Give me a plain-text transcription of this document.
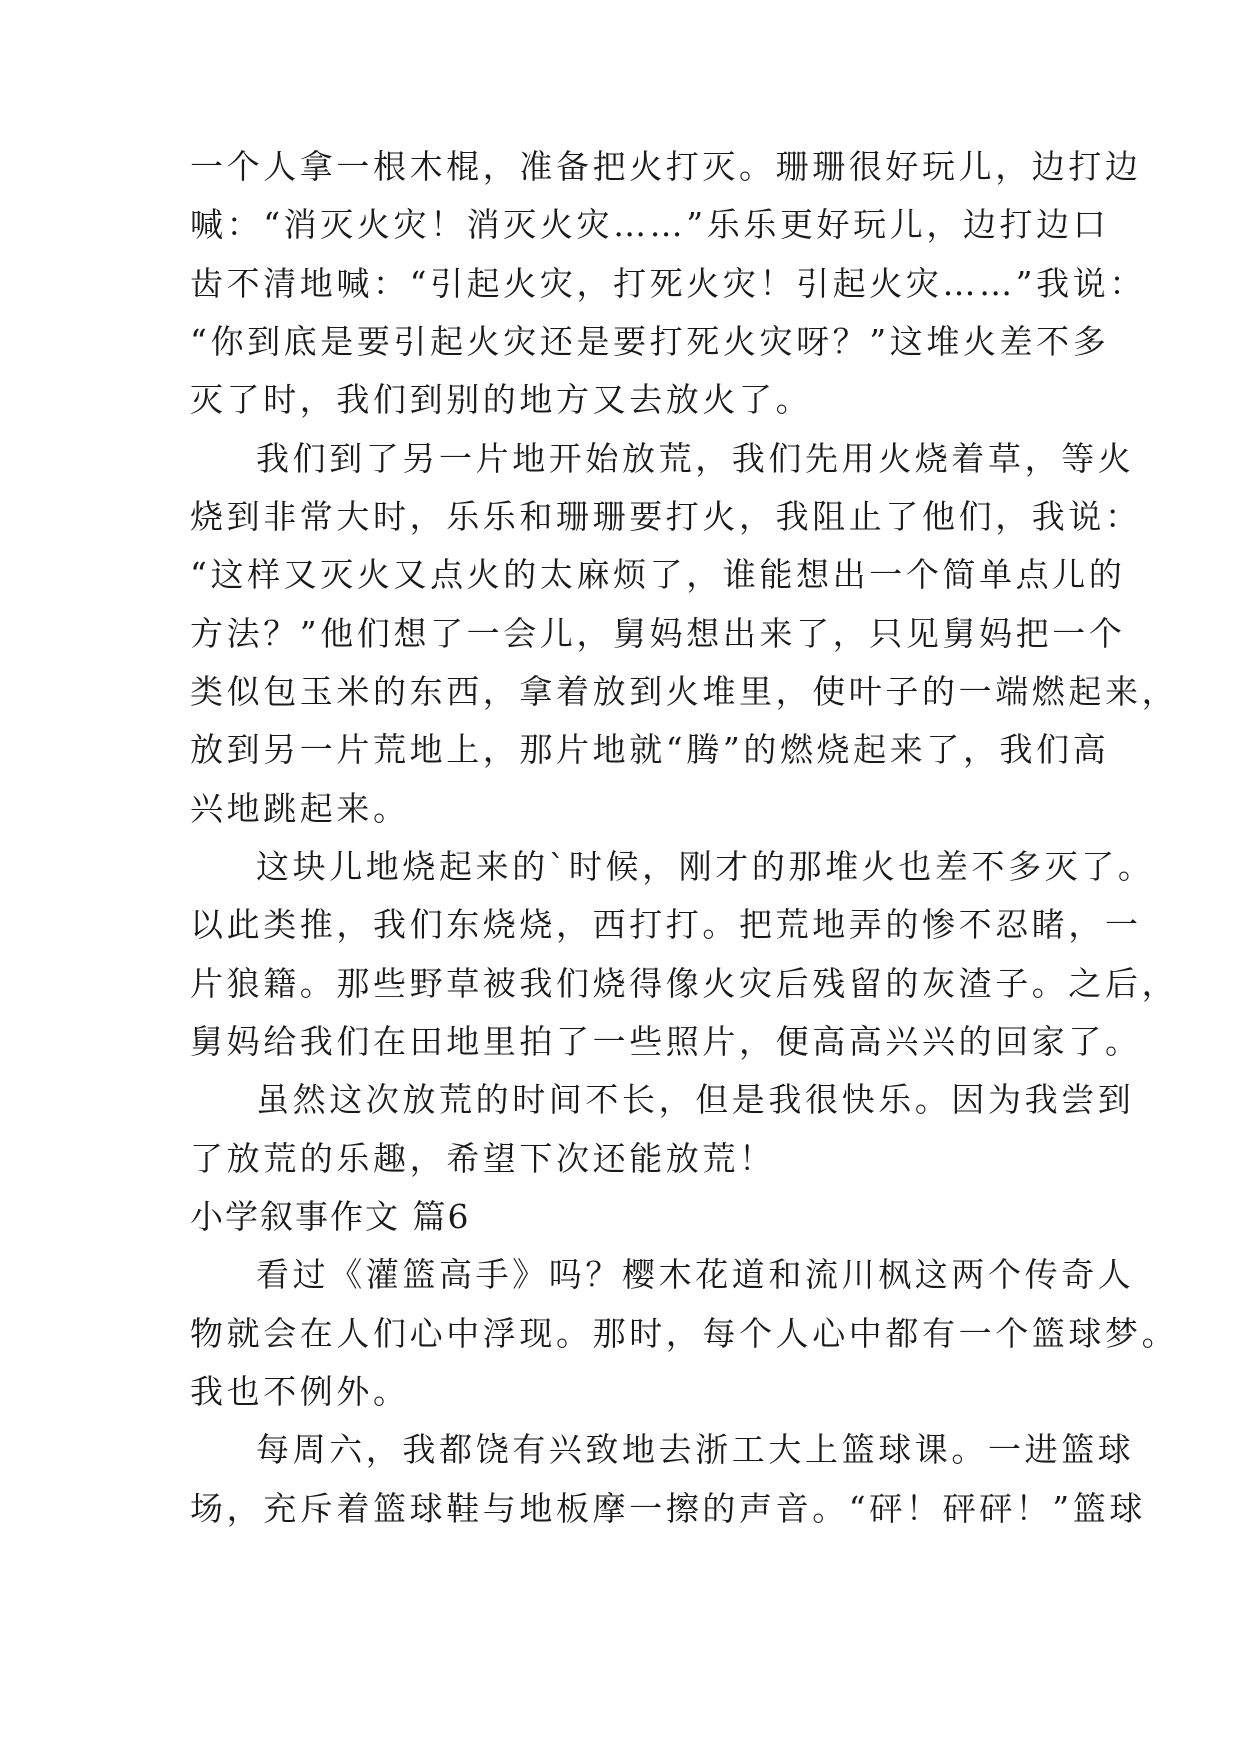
一个人拿一根木棍，准备把火打灭。珊珊很好玩儿，边打边
喊：“消灭火灾！消灭火灾……”乐乐更好玩儿，边打边口
齿不清地喊：“引起火灾，打死火灾！引起火灾……”我说：
“你到底是要引起火灾还是要打死火灾呀？”这堆火差不多
灭了时，我们到别的地方又去放火了。
我们到了另一片地开始放荒，我们先用火烧着草，等火
烧到非常大时，乐乐和珊珊要打火，我阻止了他们，我说：
“这样又灭火又点火的太麻烦了，谁能想出一个简单点儿的
方法？”他们想了一会儿，舅妈想出来了，只见舅妈把一个
类似包玉米的东西，拿着放到火堆里，使叶子的一端燃起来，
放到另一片荒地上，那片地就“腾”的燃烧起来了，我们高
兴地跳起来。
这块儿地烧起来的`时候，刚才的那堆火也差不多灭了。
以此类推，我们东烧烧，西打打。把荒地弄的惨不忍睹，一
片狼籍。那些野草被我们烧得像火灾后残留的灰渣子。之后，
舅妈给我们在田地里拍了一些照片，便高高兴兴的回家了。
虽然这次放荒的时间不长，但是我很快乐。因为我尝到
了放荒的乐趣，希望下次还能放荒！
小学叙事作文 篇6
看过《灌篮高手》吗？樱木花道和流川枫这两个传奇人
物就会在人们心中浮现。那时，每个人心中都有一个篮球梦。
我也不例外。
每周六，我都饶有兴致地去浙工大上篮球课。一进篮球
场，充斥着篮球鞋与地板摩一擦的声音。“砰！砰砰！”篮球
